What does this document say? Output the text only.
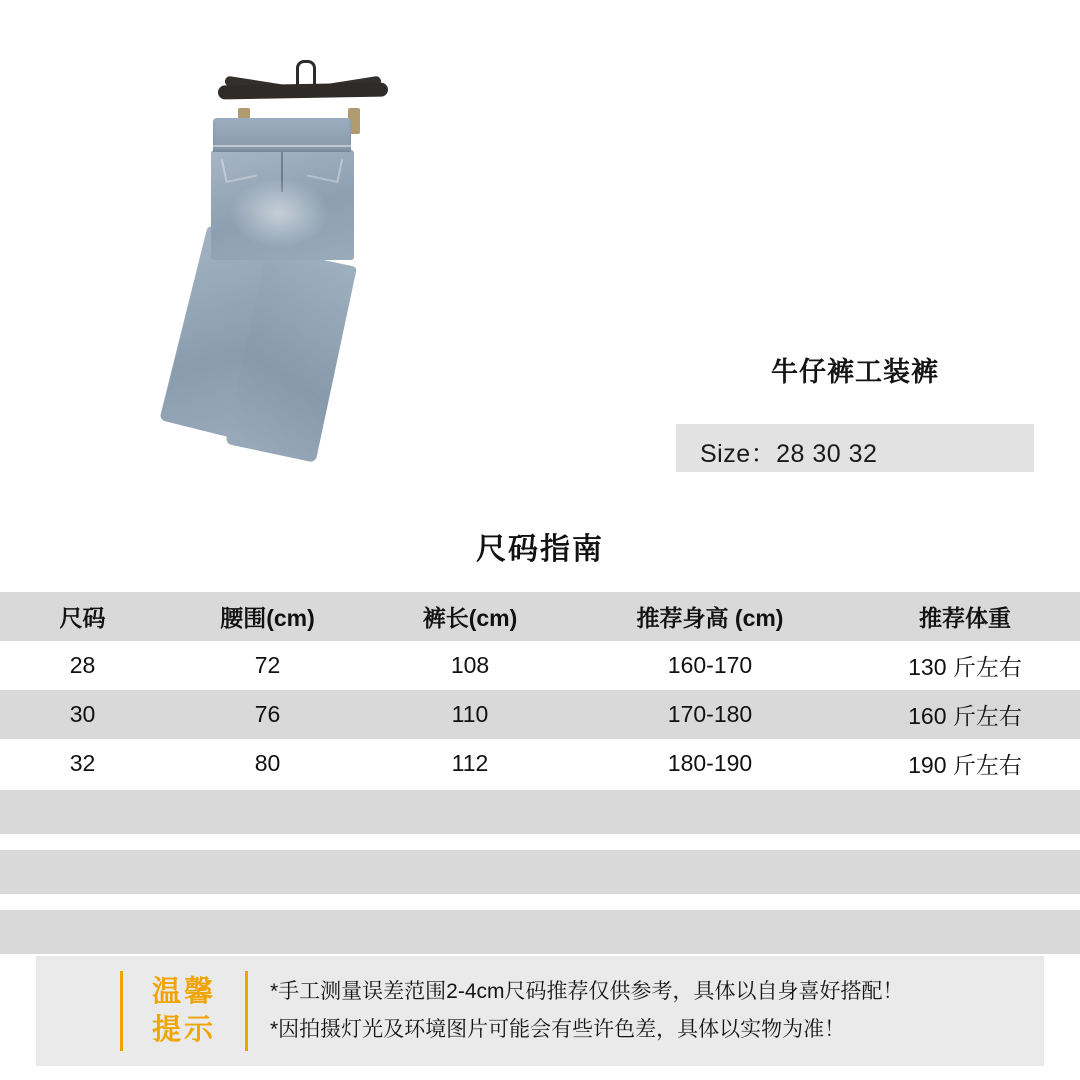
牛仔裤工装裤
Size：28 30 32
尺码指南
尺码	腰围(cm)	裤长(cm)	推荐身高 (cm)	推荐体重
28	72	108	160-170	130 斤左右
30	76	110	170-180	160 斤左右
32	80	112	180-190	190 斤左右
温馨
提示
*手工测量误差范围2-4cm尺码推荐仅供参考，具体以自身喜好搭配！
*因拍摄灯光及环境图片可能会有些许色差，具体以实物为准！
